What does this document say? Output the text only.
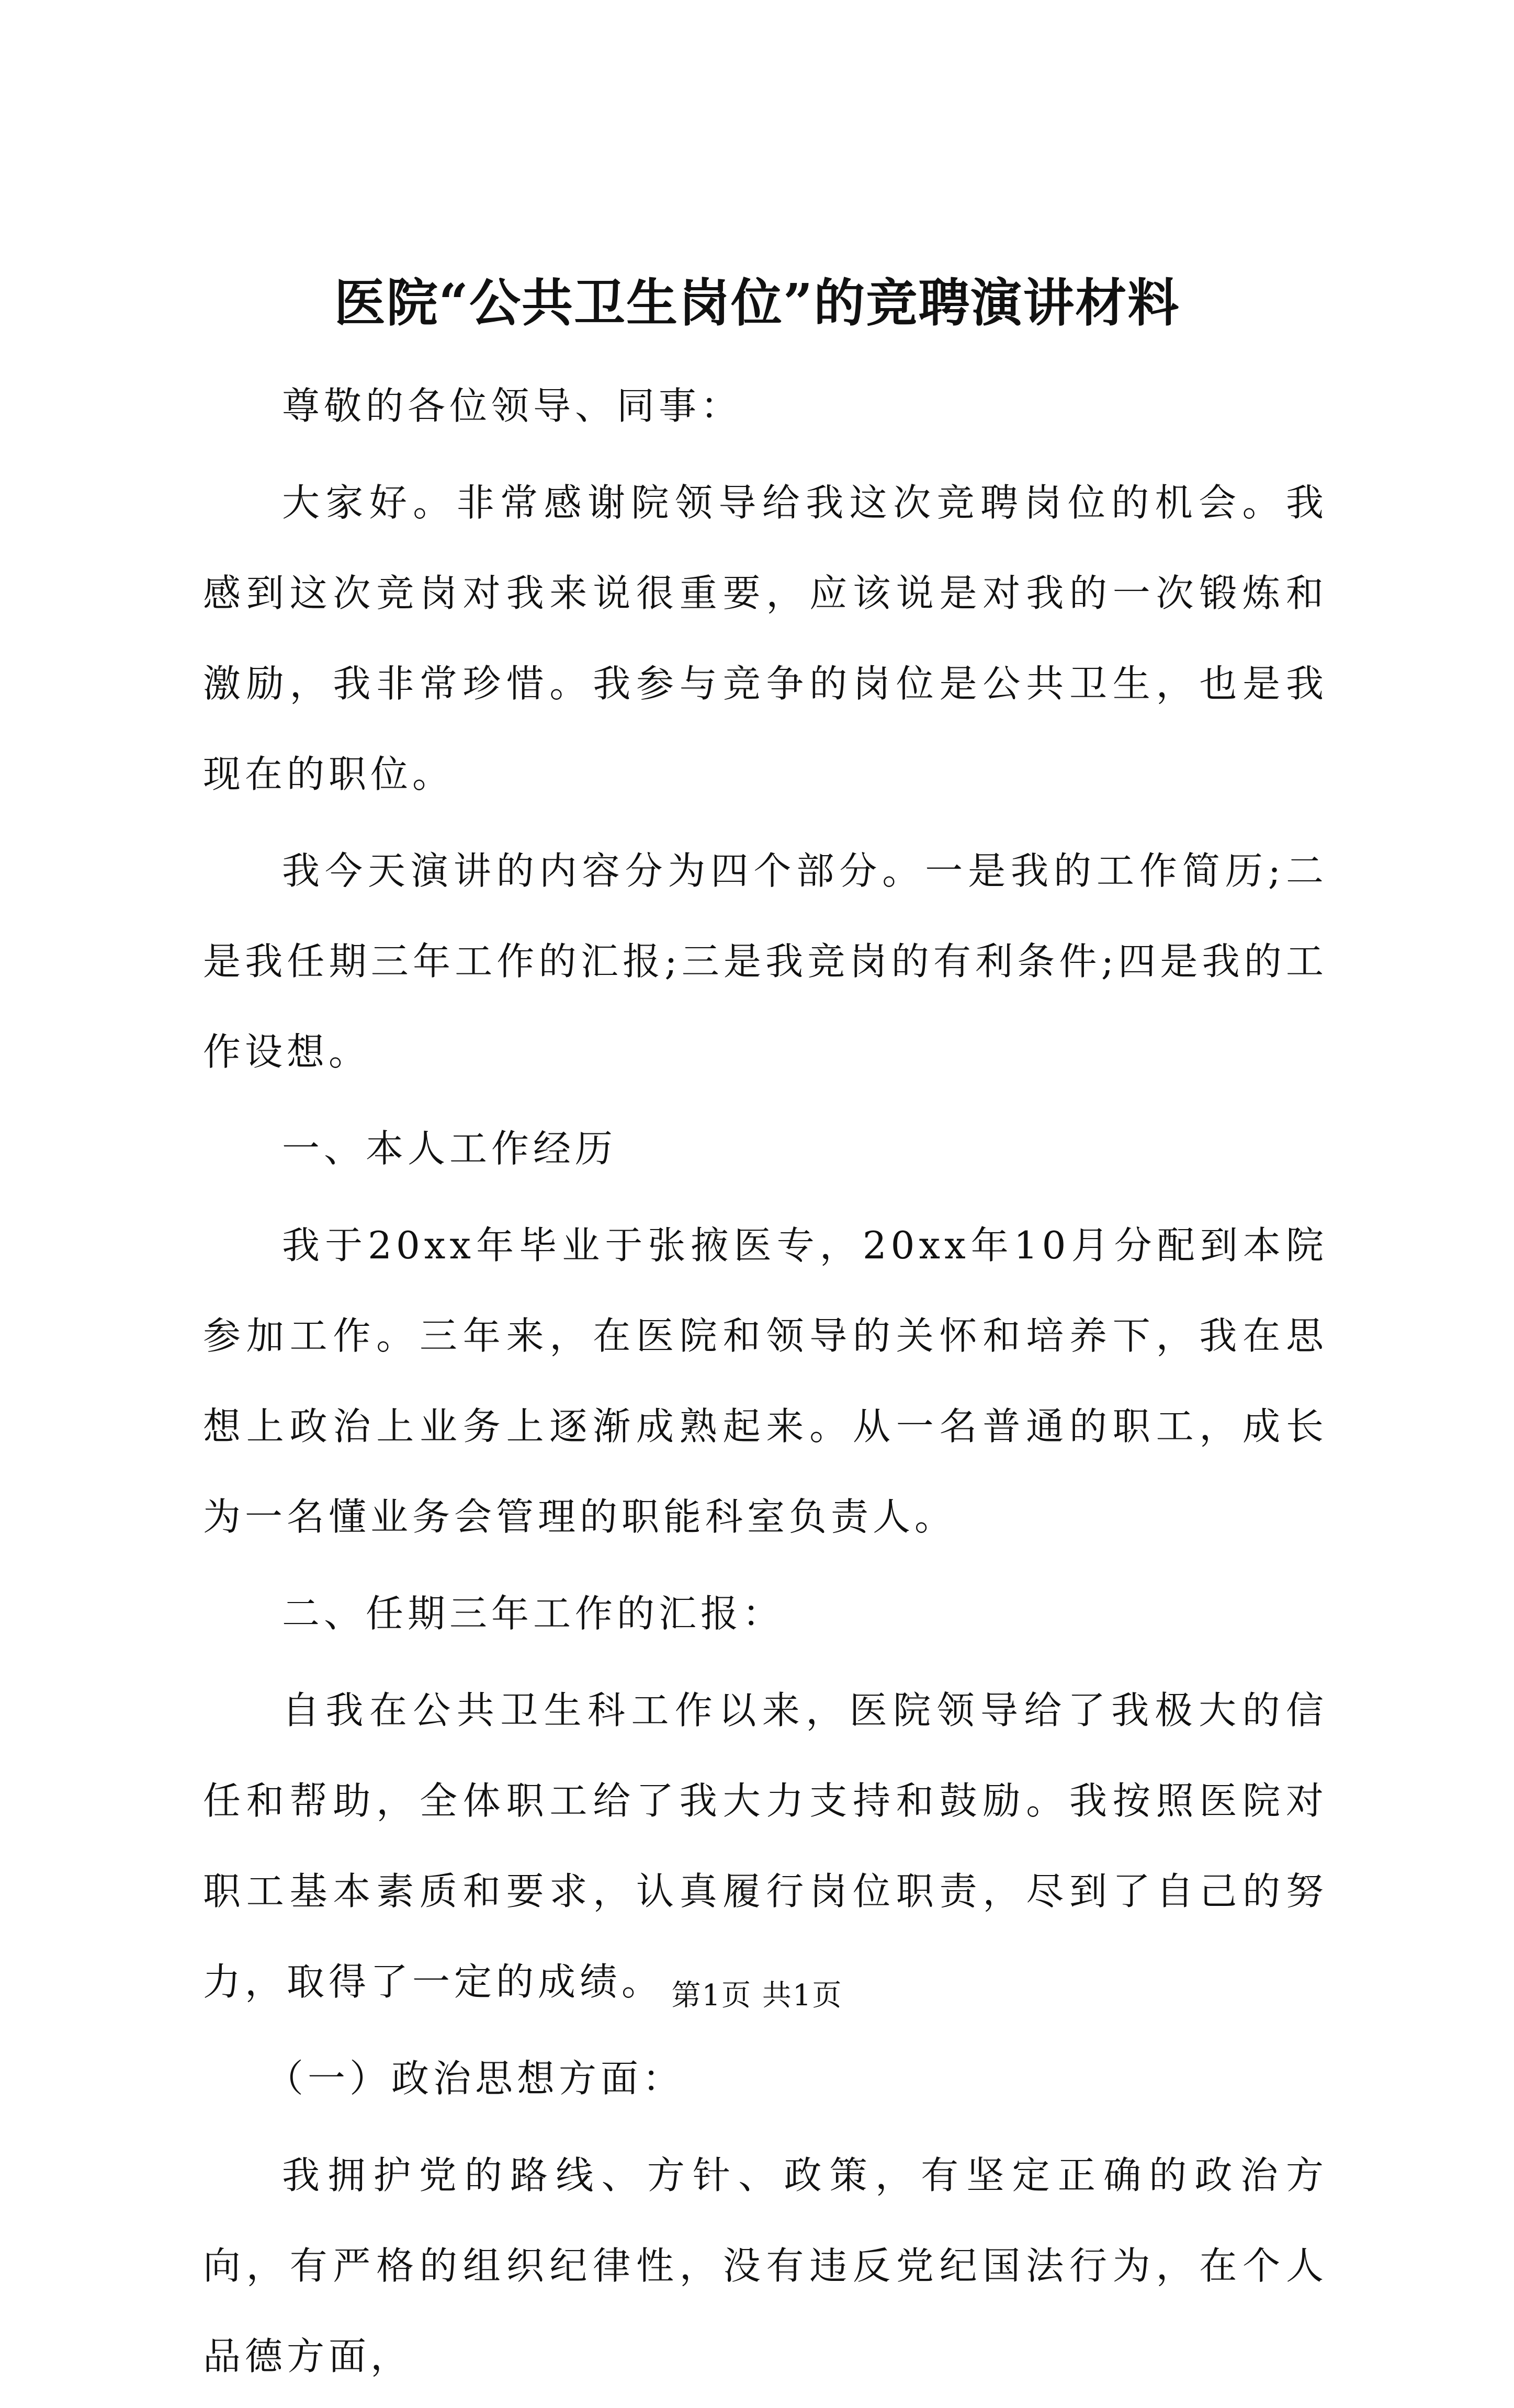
医院“公共卫生岗位”的竞聘演讲材料

尊敬的各位领导、同事：

大家好。非常感谢院领导给我这次竞聘岗位的机会。我感到这次竞岗对我来说很重要，应该说是对我的一次锻炼和激励，我非常珍惜。我参与竞争的岗位是公共卫生，也是我现在的职位。

我今天演讲的内容分为四个部分。一是我的工作简历;二是我任期三年工作的汇报;三是我竞岗的有利条件;四是我的工作设想。

一、本人工作经历

我于20xx年毕业于张掖医专，20xx年10月分配到本院参加工作。三年来，在医院和领导的关怀和培养下，我在思想上政治上业务上逐渐成熟起来。从一名普通的职工，成长为一名懂业务会管理的职能科室负责人。

二、任期三年工作的汇报：

自我在公共卫生科工作以来，医院领导给了我极大的信任和帮助，全体职工给了我大力支持和鼓励。我按照医院对职工基本素质和要求，认真履行岗位职责，尽到了自己的努力，取得了一定的成绩。

（一）政治思想方面：

我拥护党的路线、方针、政策，有坚定正确的政治方向，有严格的组织纪律性，没有违反党纪国法行为，在个人品德方面，

第1页 共1页
